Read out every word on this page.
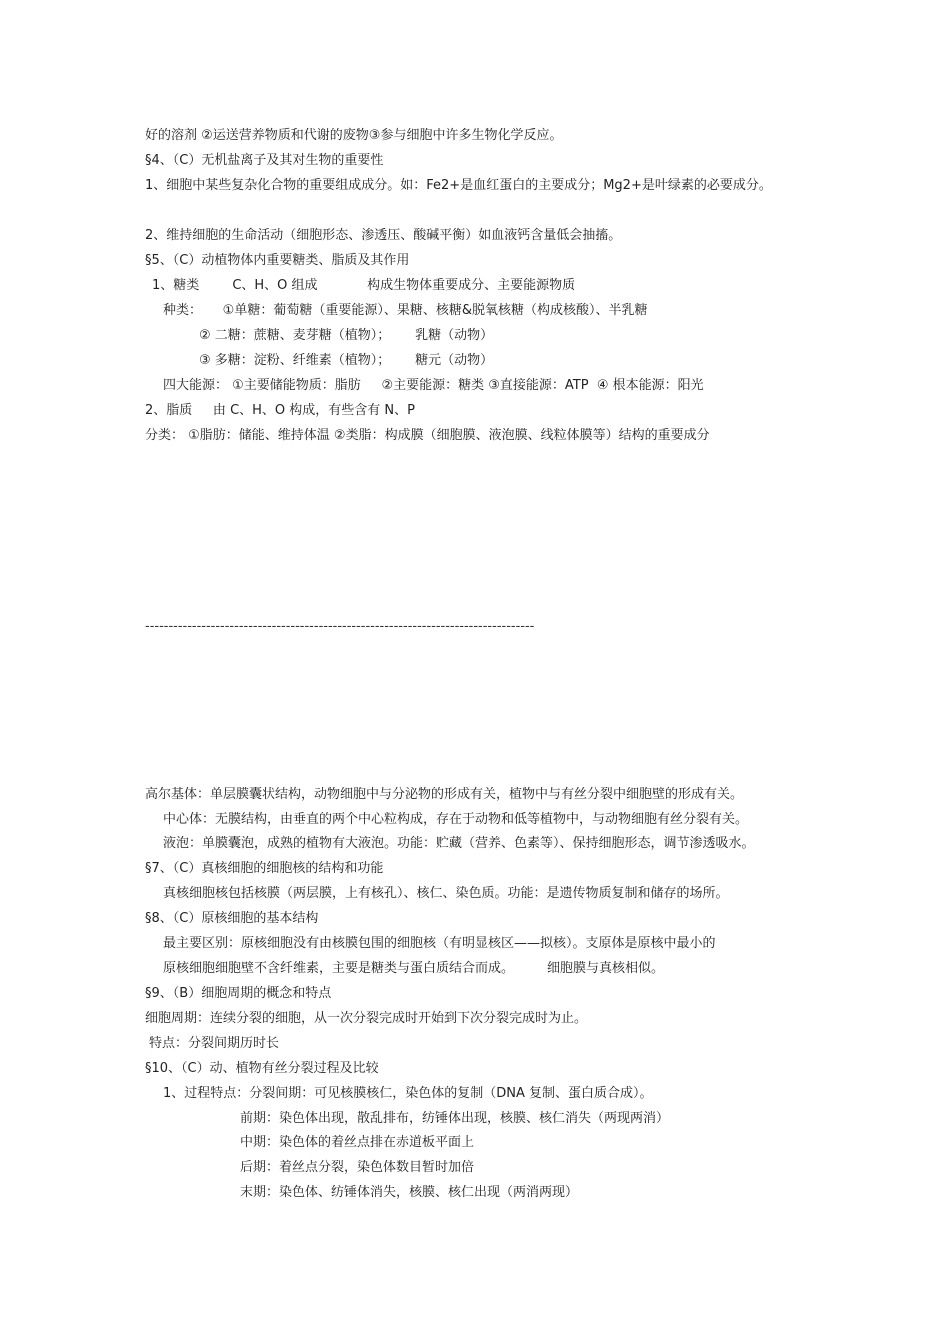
好的溶剂 ②运送营养物质和代谢的废物③参与细胞中许多生物化学反应。

§4、（C）无机盐离子及其对生物的重要性

1、细胞中某些复杂化合物的重要组成成分。如：Fe2+是血红蛋白的主要成分；Mg2+是叶绿素的必要成分。

2、维持细胞的生命活动（细胞形态、渗透压、酸碱平衡）如血液钙含量低会抽搐。

§5、（C）动植物体内重要糖类、脂质及其作用

1、糖类        C、H、O 组成            构成生物体重要成分、主要能源物质

种类：     ①单糖：葡萄糖（重要能源）、果糖、核糖&脱氧核糖（构成核酸）、半乳糖

② 二糖：蔗糖、麦芽糖（植物）；      乳糖（动物）

③ 多糖：淀粉、纤维素（植物）；      糖元（动物）

四大能源： ①主要储能物质：脂肪     ②主要能源：糖类 ③直接能源：ATP  ④ 根本能源：阳光

2、脂质     由 C、H、O 构成，有些含有 N、P

分类： ①脂肪：储能、维持体温 ②类脂：构成膜（细胞膜、液泡膜、线粒体膜等）结构的重要成分

-----------------------------------------------------------------------------------

高尔基体：单层膜囊状结构，动物细胞中与分泌物的形成有关，植物中与有丝分裂中细胞壁的形成有关。

中心体：无膜结构，由垂直的两个中心粒构成，存在于动物和低等植物中，与动物细胞有丝分裂有关。

液泡：单膜囊泡，成熟的植物有大液泡。功能：贮藏（营养、色素等）、保持细胞形态，调节渗透吸水。

§7、（C）真核细胞的细胞核的结构和功能

真核细胞核包括核膜（两层膜，上有核孔）、核仁、染色质。功能：是遗传物质复制和储存的场所。

§8、（C）原核细胞的基本结构

最主要区别：原核细胞没有由核膜包围的细胞核（有明显核区——拟核）。支原体是原核中最小的

原核细胞细胞壁不含纤维素，主要是糖类与蛋白质结合而成。        细胞膜与真核相似。

§9、（B）细胞周期的概念和特点

细胞周期：连续分裂的细胞，从一次分裂完成时开始到下次分裂完成时为止。

特点：分裂间期历时长

§10、（C）动、植物有丝分裂过程及比较

1、过程特点：分裂间期：可见核膜核仁，染色体的复制（DNA 复制、蛋白质合成）。

前期：染色体出现，散乱排布，纺锤体出现，核膜、核仁消失（两现两消）

中期：染色体的着丝点排在赤道板平面上

后期：着丝点分裂，染色体数目暂时加倍

末期：染色体、纺锤体消失，核膜、核仁出现（两消两现）
